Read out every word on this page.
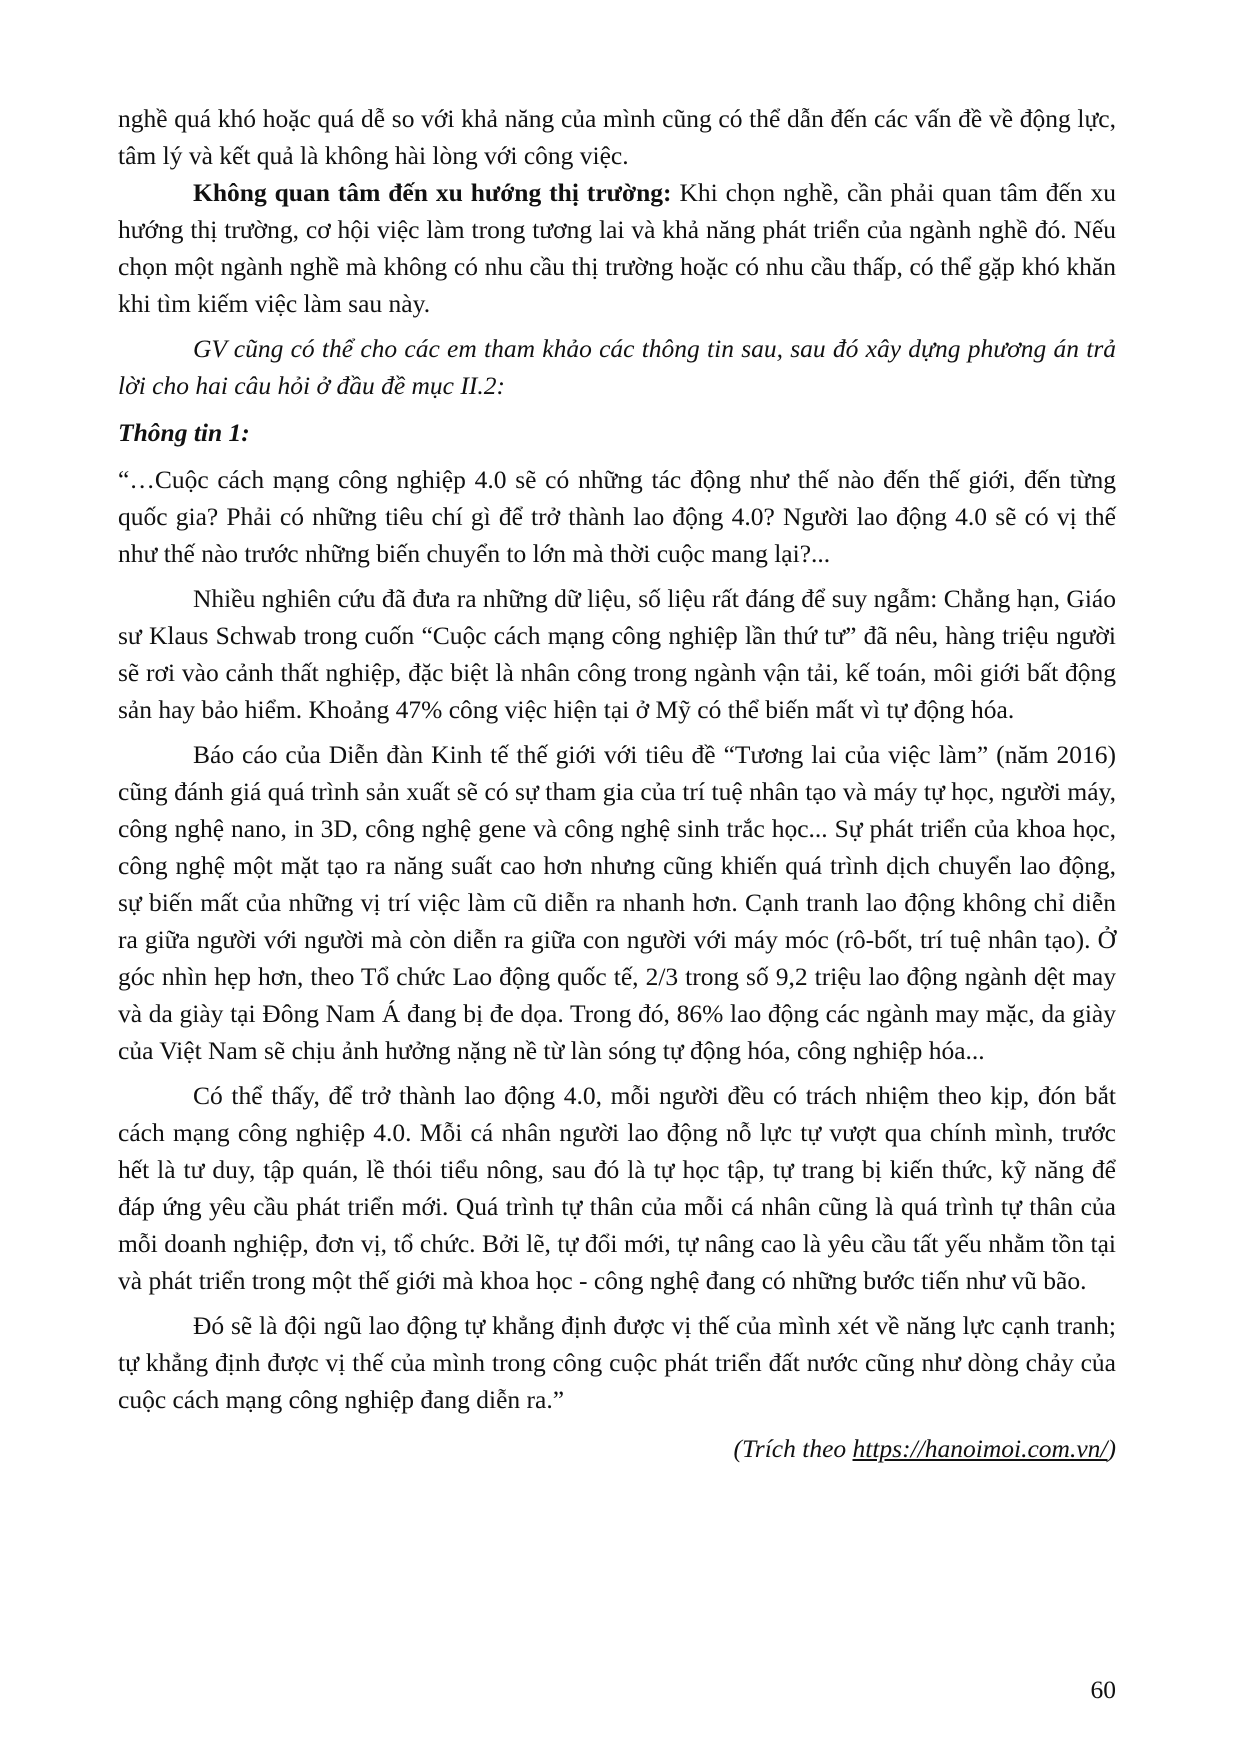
nghề quá khó hoặc quá dễ so với khả năng của mình cũng có thể dẫn đến các vấn đề về động lực, tâm lý và kết quả là không hài lòng với công việc.

Không quan tâm đến xu hướng thị trường: Khi chọn nghề, cần phải quan tâm đến xu hướng thị trường, cơ hội việc làm trong tương lai và khả năng phát triển của ngành nghề đó. Nếu chọn một ngành nghề mà không có nhu cầu thị trường hoặc có nhu cầu thấp, có thể gặp khó khăn khi tìm kiếm việc làm sau này.

GV cũng có thể cho các em tham khảo các thông tin sau, sau đó xây dựng phương án trả lời cho hai câu hỏi ở đầu đề mục II.2:

Thông tin 1:

“…Cuộc cách mạng công nghiệp 4.0 sẽ có những tác động như thế nào đến thế giới, đến từng quốc gia? Phải có những tiêu chí gì để trở thành lao động 4.0? Người lao động 4.0 sẽ có vị thế như thế nào trước những biến chuyển to lớn mà thời cuộc mang lại?...

Nhiều nghiên cứu đã đưa ra những dữ liệu, số liệu rất đáng để suy ngẫm: Chẳng hạn, Giáo sư Klaus Schwab trong cuốn “Cuộc cách mạng công nghiệp lần thứ tư” đã nêu, hàng triệu người sẽ rơi vào cảnh thất nghiệp, đặc biệt là nhân công trong ngành vận tải, kế toán, môi giới bất động sản hay bảo hiểm. Khoảng 47% công việc hiện tại ở Mỹ có thể biến mất vì tự động hóa.

Báo cáo của Diễn đàn Kinh tế thế giới với tiêu đề “Tương lai của việc làm” (năm 2016) cũng đánh giá quá trình sản xuất sẽ có sự tham gia của trí tuệ nhân tạo và máy tự học, người máy, công nghệ nano, in 3D, công nghệ gene và công nghệ sinh trắc học... Sự phát triển của khoa học, công nghệ một mặt tạo ra năng suất cao hơn nhưng cũng khiến quá trình dịch chuyển lao động, sự biến mất của những vị trí việc làm cũ diễn ra nhanh hơn. Cạnh tranh lao động không chỉ diễn ra giữa người với người mà còn diễn ra giữa con người với máy móc (rô-bốt, trí tuệ nhân tạo). Ở góc nhìn hẹp hơn, theo Tổ chức Lao động quốc tế, 2/3 trong số 9,2 triệu lao động ngành dệt may và da giày tại Đông Nam Á đang bị đe dọa. Trong đó, 86% lao động các ngành may mặc, da giày của Việt Nam sẽ chịu ảnh hưởng nặng nề từ làn sóng tự động hóa, công nghiệp hóa...

Có thể thấy, để trở thành lao động 4.0, mỗi người đều có trách nhiệm theo kịp, đón bắt cách mạng công nghiệp 4.0. Mỗi cá nhân người lao động nỗ lực tự vượt qua chính mình, trước hết là tư duy, tập quán, lề thói tiểu nông, sau đó là tự học tập, tự trang bị kiến thức, kỹ năng để đáp ứng yêu cầu phát triển mới. Quá trình tự thân của mỗi cá nhân cũng là quá trình tự thân của mỗi doanh nghiệp, đơn vị, tổ chức. Bởi lẽ, tự đổi mới, tự nâng cao là yêu cầu tất yếu nhằm tồn tại và phát triển trong một thế giới mà khoa học - công nghệ đang có những bước tiến như vũ bão.

Đó sẽ là đội ngũ lao động tự khẳng định được vị thế của mình xét về năng lực cạnh tranh; tự khẳng định được vị thế của mình trong công cuộc phát triển đất nước cũng như dòng chảy của cuộc cách mạng công nghiệp đang diễn ra.”

(Trích theo https://hanoimoi.com.vn/)

60
